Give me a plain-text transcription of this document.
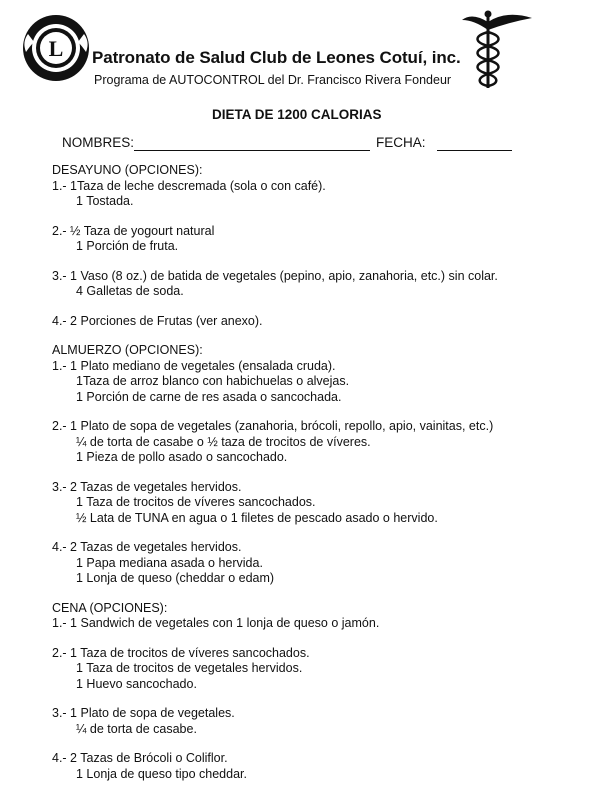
L Patronato de Salud Club de Leones Cotuí, inc.
Programa de AUTOCONTROL del Dr. Francisco Rivera Fondeur
DIETA DE 1200 CALORIAS
NOMBRES:	FECHA:
DESAYUNO (OPCIONES):
1.- 1Taza de leche descremada (sola o con café).
1 Tostada.
2.- ½ Taza de yogourt natural
1 Porción de fruta.
3.- 1 Vaso (8 oz.) de batida de vegetales (pepino, apio, zanahoria, etc.) sin colar.
4 Galletas de soda.
4.- 2 Porciones de Frutas (ver anexo).
ALMUERZO (OPCIONES):
1.- 1 Plato mediano de vegetales (ensalada cruda).
1Taza de arroz blanco con habichuelas o alvejas.
1 Porción de carne de res asada o sancochada.
2.- 1 Plato de sopa de vegetales (zanahoria, brócoli, repollo, apio, vainitas, etc.)
¼ de torta de casabe o ½ taza de trocitos de víveres.
1 Pieza de pollo asado o sancochado.
3.- 2 Tazas de vegetales hervidos.
1 Taza de trocitos de víveres sancochados.
½ Lata de TUNA en agua o 1 filetes de pescado asado o hervido.
4.- 2 Tazas de vegetales hervidos.
1 Papa mediana asada o hervida.
1 Lonja de queso (cheddar o edam)
CENA (OPCIONES):
1.- 1 Sandwich de vegetales con 1 lonja de queso o jamón.
2.- 1 Taza de trocitos de víveres sancochados.
1 Taza de trocitos de vegetales hervidos.
1 Huevo sancochado.
3.- 1 Plato de sopa de vegetales.
¼ de torta de casabe.
4.- 2 Tazas de Brócoli o Coliflor.
1 Lonja de queso tipo cheddar.
